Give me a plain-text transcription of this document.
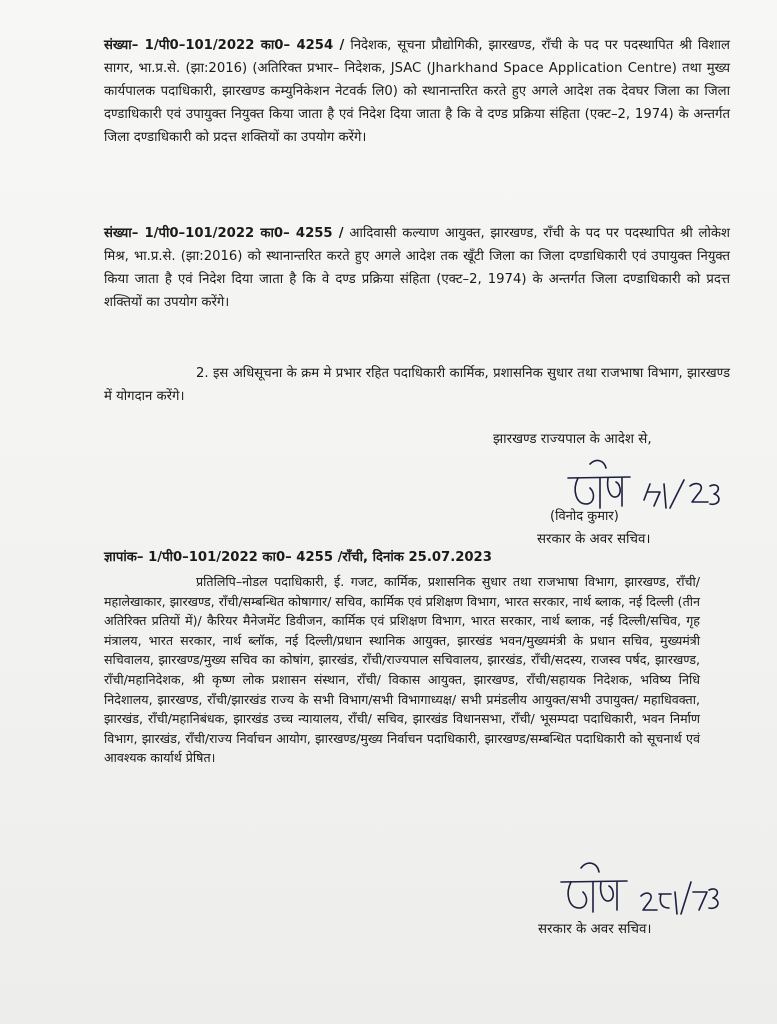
संख्या– 1/पी0–101/2022 का0– 4254 / निदेशक, सूचना प्रौद्योगिकी, झारखण्ड, राँची के पद पर पदस्थापित श्री विशाल सागर, भा.प्र.से. (झा:2016) (अतिरिक्त प्रभार– निदेशक, JSAC (Jharkhand Space Application Centre) तथा मुख्य कार्यपालक पदाधिकारी, झारखण्ड कम्युनिकेशन नेटवर्क लि0) को स्थानान्तरित करते हुए अगले आदेश तक देवघर जिला का जिला दण्डाधिकारी एवं उपायुक्त नियुक्त किया जाता है एवं निदेश दिया जाता है कि वे दण्ड प्रक्रिया संहिता (एक्ट–2, 1974) के अन्तर्गत जिला दण्डाधिकारी को प्रदत्त शक्तियों का उपयोग करेंगे।
संख्या– 1/पी0–101/2022 का0– 4255 / आदिवासी कल्याण आयुक्त, झारखण्ड, राँची के पद पर पदस्थापित श्री लोकेश मिश्र, भा.प्र.से. (झा:2016) को स्थानान्तरित करते हुए अगले आदेश तक खूँटी जिला का जिला दण्डाधिकारी एवं उपायुक्त नियुक्त किया जाता है एवं निदेश दिया जाता है कि वे दण्ड प्रक्रिया संहिता (एक्ट–2, 1974) के अन्तर्गत जिला दण्डाधिकारी को प्रदत्त शक्तियों का उपयोग करेंगे।
2. इस अधिसूचना के क्रम मे प्रभार रहित पदाधिकारी कार्मिक, प्रशासनिक सुधार तथा राजभाषा विभाग, झारखण्ड में योगदान करेंगे।
झारखण्ड राज्यपाल के आदेश से,
(विनोद कुमार)
सरकार के अवर सचिव।
ज्ञापांक– 1/पी0–101/2022 का0– 4255 /राँची, दिनांक 25.07.2023
प्रतिलिपि–नोडल पदाधिकारी, ई. गजट, कार्मिक, प्रशासनिक सुधार तथा राजभाषा विभाग, झारखण्ड, राँची/महालेखाकार, झारखण्ड, राँची/सम्बन्धित कोषागार/ सचिव, कार्मिक एवं प्रशिक्षण विभाग, भारत सरकार, नार्थ ब्लाक, नई दिल्ली (तीन अतिरिक्त प्रतियों में)/ कैरियर मैनेजमेंट डिवीजन, कार्मिक एवं प्रशिक्षण विभाग, भारत सरकार, नार्थ ब्लाक, नई दिल्ली/सचिव, गृह मंत्रालय, भारत सरकार, नार्थ ब्लॉक, नई दिल्ली/प्रधान स्थानिक आयुक्त, झारखंड भवन/मुख्यमंत्री के प्रधान सचिव, मुख्यमंत्री सचिवालय, झारखण्ड/मुख्य सचिव का कोषांग, झारखंड, राँची/राज्यपाल सचिवालय, झारखंड, राँची/सदस्य, राजस्व पर्षद, झारखण्ड, राँची/महानिदेशक, श्री कृष्ण लोक प्रशासन संस्थान, राँची/ विकास आयुक्त, झारखण्ड, राँची/सहायक निदेशक, भविष्य निधि निदेशालय, झारखण्ड, राँची/झारखंड राज्य के सभी विभाग/सभी विभागाध्यक्ष/ सभी प्रमंडलीय आयुक्त/सभी उपायुक्त/ महाधिवक्ता, झारखंड, राँची/महानिबंधक, झारखंड उच्च न्यायालय, राँची/ सचिव, झारखंड विधानसभा, राँची/ भूसम्पदा पदाधिकारी, भवन निर्माण विभाग, झारखंड, राँची/राज्य निर्वाचन आयोग, झारखण्ड/मुख्य निर्वाचन पदाधिकारी, झारखण्ड/सम्बन्धित पदाधिकारी को सूचनार्थ एवं आवश्यक कार्यार्थ प्रेषित।
सरकार के अवर सचिव।
